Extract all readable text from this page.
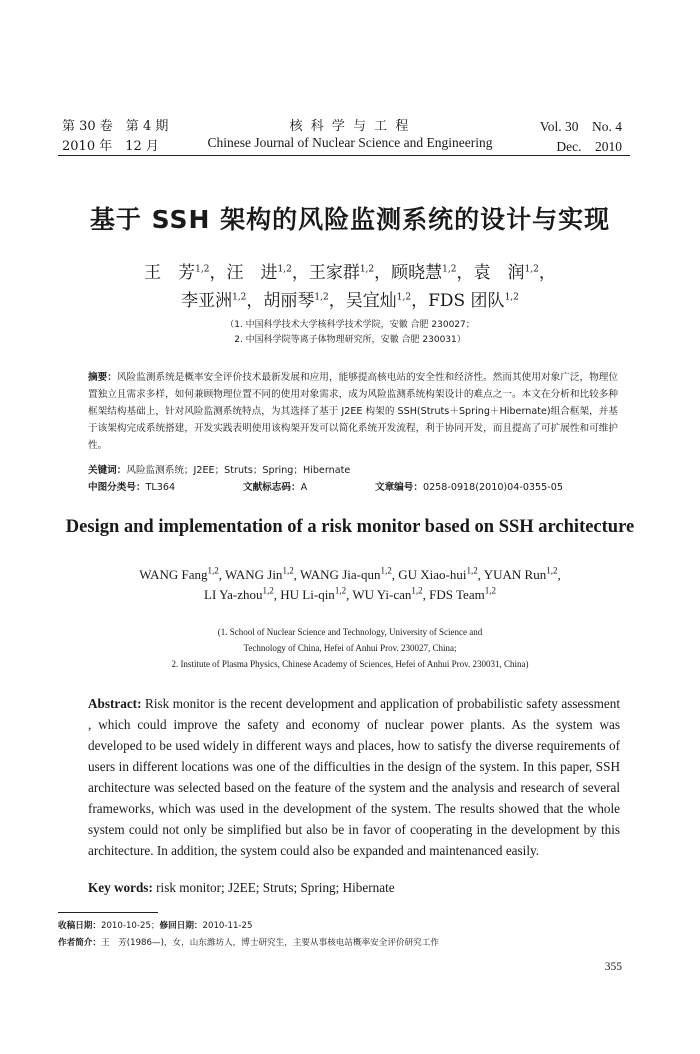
第 30 卷　第 4 期
2010 年　12 月
核 科 学 与 工 程
Chinese Journal of Nuclear Science and Engineering
Vol. 30　No. 4
Dec.　2010
基于 SSH 架构的风险监测系统的设计与实现
王　芳$^{1,2}$，汪　进$^{1,2}$，王家群$^{1,2}$，顾晓慧$^{1,2}$，袁　润$^{1,2}$，
李亚洲$^{1,2}$，胡丽琴$^{1,2}$，吴宜灿$^{1,2}$，FDS 团队$^{1,2}$
（1. 中国科学技术大学核科学技术学院，安徽 合肥 230027；
2. 中国科学院等离子体物理研究所，安徽 合肥 230031）
摘要：风险监测系统是概率安全评价技术最新发展和应用，能够提高核电站的安全性和经济性。然而其使用对象广泛，物理位置独立且需求多样，如何兼顾物理位置不同的使用对象需求，成为风险监测系统构架设计的难点之一。本文在分析和比较多种框架结构基础上，针对风险监测系统特点，为其选择了基于 J2EE 构架的 SSH(Struts＋Spring＋Hibernate)组合框架，并基于该架构完成系统搭建，开发实践表明使用该构架开发可以简化系统开发流程，利于协同开发，而且提高了可扩展性和可维护性。
关键词：风险监测系统；J2EE；Struts；Spring；Hibernate
中图分类号：TL364	文献标志码：A	文章编号：0258-0918(2010)04-0355-05
Design and implementation of a risk monitor based on SSH architecture
WANG Fang$^{1,2}$, WANG Jin$^{1,2}$, WANG Jia-qun$^{1,2}$, GU Xiao-hui$^{1,2}$, YUAN Run$^{1,2}$,
LI Ya-zhou$^{1,2}$, HU Li-qin$^{1,2}$, WU Yi-can$^{1,2}$, FDS Team$^{1,2}$
(1. School of Nuclear Science and Technology, University of Science and
Technology of China, Hefei of Anhui Prov. 230027, China;
2. Institute of Plasma Physics, Chinese Academy of Sciences, Hefei of Anhui Prov. 230031, China)
Abstract: Risk monitor is the recent development and application of probabilistic safety assessment , which could improve the safety and economy of nuclear power plants. As the system was developed to be used widely in different ways and places, how to satisfy the diverse requirements of users in different locations was one of the difficulties in the design of the system. In this paper, SSH architecture was selected based on the feature of the system and the analysis and research of several frameworks, which was used in the development of the system. The results showed that the whole system could not only be simplified but also be in favor of cooperating in the development by this architecture. In addition, the system could also be expanded and maintenanced easily.
Key words: risk monitor; J2EE; Struts; Spring; Hibernate
收稿日期：2010-10-25；修回日期：2010-11-25
作者简介：王　芳(1986—)，女，山东潍坊人，博士研究生，主要从事核电站概率安全评价研究工作
355
